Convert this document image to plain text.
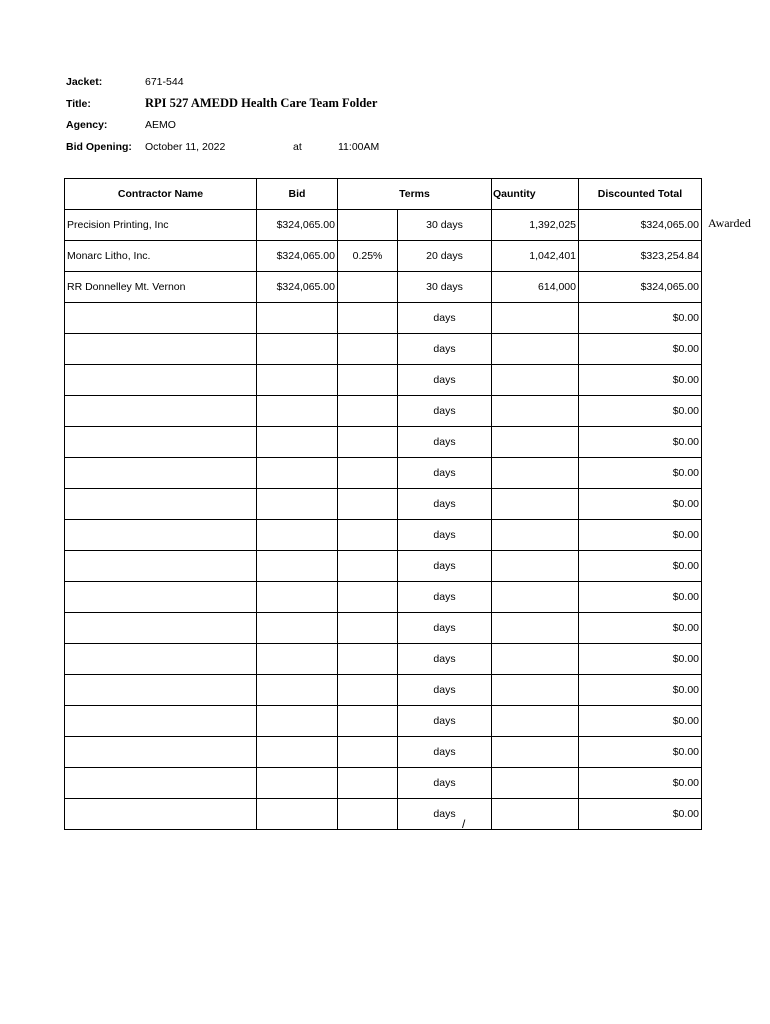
Jacket:	671-544
Title:	RPI 527 AMEDD Health Care Team Folder
Agency:	AEMO
Bid Opening: October 11, 2022	at	11:00AM
Contractor Name	Bid	Terms		Qauntity	Discounted Total
Precision Printing, Inc	$324,065.00		30 days	1,392,025	$324,065.00
Monarc Litho, Inc.	$324,065.00	0.25%	20 days	1,042,401	$323,254.84
RR Donnelley Mt. Vernon	$324,065.00		30 days	614,000	$324,065.00
			days		$0.00
			days		$0.00
			days		$0.00
			days		$0.00
			days		$0.00
			days		$0.00
			days		$0.00
			days		$0.00
			days		$0.00
			days		$0.00
			days		$0.00
			days		$0.00
			days		$0.00
			days		$0.00
			days		$0.00
			days		$0.00
			days		$0.00
Awarded
/
